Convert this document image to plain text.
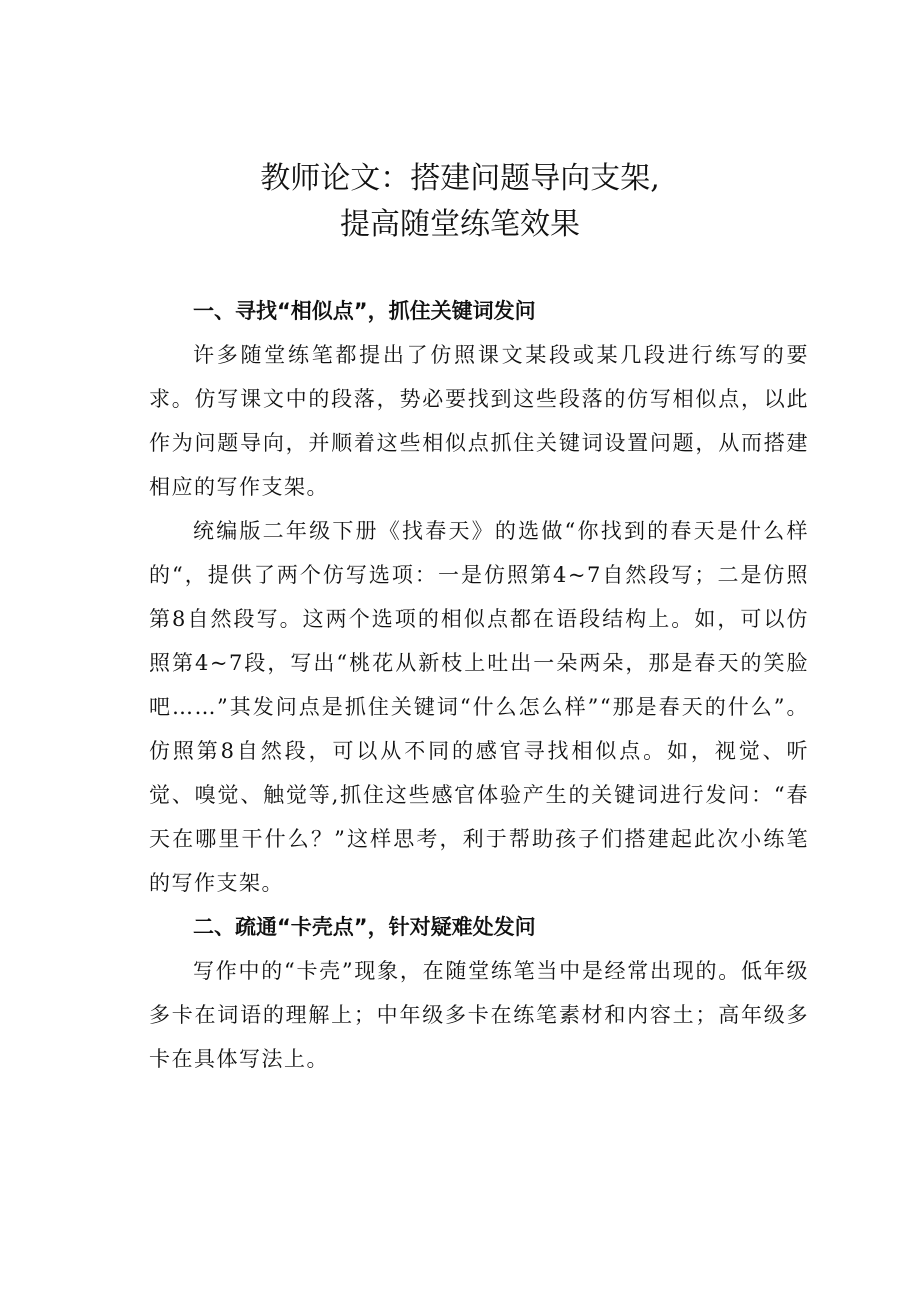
教师论文：搭建问题导向支架,
提高随堂练笔效果
一、寻找“相似点”，抓住关键词发问

许多随堂练笔都提出了仿照课文某段或某几段进行练写的要求。仿写课文中的段落，势必要找到这些段落的仿写相似点，以此作为问题导向，并顺着这些相似点抓住关键词设置问题，从而搭建相应的写作支架。

统编版二年级下册《找春天》的选做“你找到的春天是什么样的“，提供了两个仿写选项：一是仿照第4~7自然段写；二是仿照第8自然段写。这两个选项的相似点都在语段结构上。如，可以仿照第4~7段，写出“桃花从新枝上吐出一朵两朵，那是春天的笑脸吧……”其发问点是抓住关键词“什么怎么样”“那是春天的什么”。仿照第8自然段，可以从不同的感官寻找相似点。如，视觉、听觉、嗅觉、触觉等,抓住这些感官体验产生的关键词进行发问：“春天在哪里干什么？”这样思考，利于帮助孩子们搭建起此次小练笔的写作支架。

二、疏通“卡壳点”，针对疑难处发问

写作中的“卡壳”现象，在随堂练笔当中是经常出现的。低年级多卡在词语的理解上；中年级多卡在练笔素材和内容土；高年级多卡在具体写法上。
